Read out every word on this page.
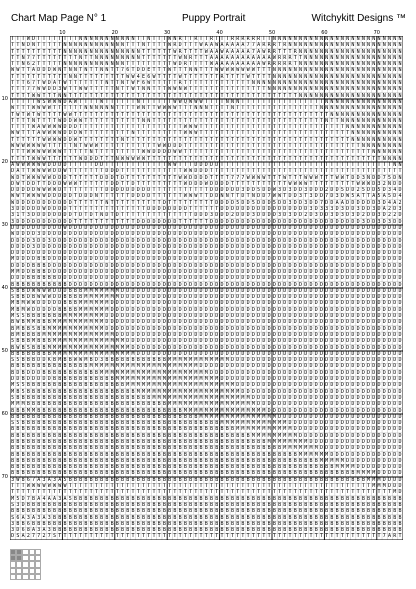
Chart Map Page N° 1	Puppy Portrait	Witchykitt Designs ™
10	20	30	40	50	60	70
10
20
30
40
50
60
70
T T T W D T T T T T T T T N N N N N N N N N N N T T N T T T W N R T T R T T R T T T R R R R R R T T N N N N N N N N N N N N N N N N N N N N N N N N N
T T N D N T T T T T N N N N N N N N N N N N T T T N T T T T W R D T T T W A A W A A A A A 7 7 A R R R T R N N N N N N N N N N N N N N N N N N N N N N
T T T T T T T T T T N N N N N N N N N N N N N N N T T T T T T W R T T T T W A A W A A A A A 7 A W R R T T T R N N N N N N N N N N N N N N N N N N N N
T T N 7 7 T T T T T T T T N T T N N N N N N N N N T T T T T T T W N R T T T A A A A A A A A A A A A W R R R T T N N N N N N N N N N N N N N N N N N N
T T N 6 2 T T T T T N N N N N N N N N N N N T T T T T T T T T W D R T T T T W A A A A A A A A A W R R R R R T N N N N N N N N N N N N N N N N N N N N
W W T T A D D D W N T N N T N T T N N T T 7 6 T D D E T T T W T T T N N T T T W W W W W W W W T T T N N N N N N N N N N N N N N N N N N N N N N N N N
T T T T T T T T T T T N N T T T T T T T T T W W 4 E 6 W T T T T W T T T T T T T R T T T T W T T T T N N N N N N N N N N N N N N N N N N N N N N N N N
T T T 6 7 T W D A T W T T T T T T T N T T N T W F 6 W T T T T T R T T T T T T T T T T T T T N N N N N N N N N N N N N N N N N N N N N N N N N N N N N
T T T 7 7 W W D D 3 W T T W W T T T T T N T T W T N N T T T W W N W T T T T T T T T T T T T T T T N N N N N N N N N N N N N N N N N N N N N N N N N N
T T T T W W T T T N N T T T T T T T T T T T T T T T T T T T T T T T T T T T T T T T T T T T T T T T T T T T T N N N N N N N N N N N N N N N N N N N N
T T T T T W S W W W D A W T T T T W T T T T T T N T T T T T T W W Q W W W T T T T N N N T T T T T T T T T T T T T T T T N N N N N N N N N N N N N N N
W T T T W W W W T T T T T T N N N N N N T T T T W N T T W W W W T T T N N N T T T T N T T T T T T T T T T T T T T T T N N N N N N N N N N N N N N N N
T W T W T W T T T T W W T T T T T T T T T T T T T T T T T T T T T T T T T T T T T T T T T T T T T T T T T T T T T T T T T N N N N N N N N N N N N N N
T T T T N T T T T W D D W W T T T T T T T T T T T N N T T T T T T T T T T T T T T T T T T T T T T T T T T T T T T T T T N T T N N N N N N N N N N N N
T T T T W A W W W W D D D T T T T T T T T T T T T T T T T T T T T W W W T T T T T T T T T T T T T T T T T T T T T T T T T T T T N N N N N N N N N N N
W W T T T A W W W W D D D W T T T T T T T T T N T T T T T T T T T W W W T T T T T T T T T T T T T T T T T T T T T T T T T T T T T N N N N N N N N N N
T T T T T T W W W W D D W T T T T T T T T N T T T T T T T T T T T T T T T T T T T T T T T T T T T T T T T T T T T T T T T T T T T N N N N N N N N N N
W W W W W W W T T T T T N T W W W T T T T T T T T T T T W W D D D T T T T T T T T T T T T T T T T T T T T T T T T T T T T T T T T T T N N N N N N N N
T T T W W W W W W W T T T T T N T T T T T T T T T W W D D D D W W T T T T T T T T T T T T T T T T T T T T T T T T T T T T T T T T T T T T N N N N N N
T T T T W W W T T T T T T W D D D T T T N W W W W W T T T T T T T T T T T T T T T T T T T T T T T T T T T T T T T T T T T T T T T T T T T T T N N N N
A W W W W W W D D D D T T T T T D D T T T T T T T T T T T T W W T T T D D D D D T T T T T T T T T T T T T T T T T T T T T T T T T T T T T T T T T N N
D A T T W W W W D D W T T T T T T T D D D T T T T T T T T T T T T W W D D D T T T T T T T T T T T T T T T T T T T T T T T T T T T T T T T T T T T T T
W D T W W W W W D D D T T T T T T D D D T D T T T T T T T T T T W W D D D D T T T T 7 7 7 W W W W T T T W T T T W W W T T T W W T D D 3 N D D 7 5 D N
D W T D D T T D D D W W W T T T T T T D D T T D T T T T T T T T T W D D D W D D D D T T T T T T T T T T T W W W W T T T T T T T T T W W W D 3 2 N D D
D D D D D W W W W D T T T T T T T T D D D D D D D D D T T T T T T T T T T T D D D D D D 3 D D 5 D D W 3 D 3 D D 3 D D D 2 D D 5 D D 2 5 D D 5 D 3 4 D
W W T W W W W D D D D D T D D D N T T T T T T D D D D T T T T T T W W W T T D D N N T T D T N D D 7 W W T D D 3 T 3 D D 7 D 3 D W 5 A T T A 5 A 5 D 4
W D D D D D D D D D D D T T T T T T N T T T T T T T T T T D T T T T T T T T T D D D D 5 D D 5 D D D 5 D D 3 D D 3 D D 7 D D A A D D D D D D 3 D 4 A 2
3 D D D D D W D D D D T T T T T T T T T T T T T T T D D D D D D D D T T T T T T D D D D D D D D D D D D D D D D D 3 D 3 3 3 D 3 D D 3 D D 3 D A 2 D 3
3 1 T 3 D D D D D D D D T D T D T N D T D T T T T T T T T T T T T T T D D D 3 D D D 2 D D D 3 D D D D 3 D 3 D D 2 D 3 D D 3 D 3 D 3 D 2 D D 3 D 2 2 D
3 D D D D D D D D D D D T T T T T T T T T T T T D D D D D D D D T T T T T T D D D D D D D D D D D D D D D D D D D D D D D D D D D D D 3 D D 3 D 3 D D
D D D D D D D D D D W D D D D D D D D D D D D D D D D D D D D D D D D D D D D D D D D D D D D D D D D D D D D D D D D D D D D D D D D D D D D D D D D
W D D D D 3 D D D D D D D D D D D D D D D D D D D D D D D D D D D D D D D D D D D D D D D D D D D D D D D D D D D D D D D D D D D D D D D D D D D D D
D D D D 3 D D 3 D D D D D D D D D D D D D D D D D D D D D D D D D D D D D D D D D D D D D D D D D D D D D D D D D D D D D D D D D D D D D D D D D D D
D D D D 3 D D D D D D D D D D D D D D D D D D D D D D D D D D D D D D D D D D D D D D D D D D D D D D D D D D D D D D D D D D D D D D D D D D D D D D
D D D D D D D D D D D D D D D D D D D D D D D D D D D D D D D D D D D D D D D D D D D D D D D D D D D D D D D D D D D D D D D D D D D D D D D D D D D
M D D D D B B D D D D D D D D D D D D D D D D D D D D D D D D D D D D D D D D D D D D D D D D D D D D D D D D D D D D D D D D D D D D D D D D D D D D
D D D D B B B D D D D D D D D D D D D D D D D D D D D D D D D D D D D D D D D D D D D D D D D D D D D D D D D D D D D D D D D D D D D D D D D D D D D
M M D D B B B D D D D D D D D D D D D D D D D D D D D D D D D D D D D D D D D D D D D D D D D D D D D D D D D D D D D D D D D D D D D D D D D D D D D
D D D B B B B B B D D D D D D D D D D D D D D D D D D D D D D D D D D D D D D D D D D D D D D D D D D D D D D D D D D D D D D D D D D D D D D D D D D
B B B B B B B B B B B D D D D D D D D D D D D D D D D D D D D D D D D D D D D D D D D D D D D D D D D D D D D D D D D D D D D D D D D D D D D D D D D
5 B B D W W W W D D D B B B M M M M M M M D D D D D D D D D D D D D D D D D D D D D D D D D D D D D D D D D D D D D D D D D D D D D D D D D D D D D D
S B B D B W W W D D B B B B M M M M M M M D D D D D D D D D D D D D D D D D D D D D D D D D D D D D D D D D D D D D D D D D D D D D D D D D D D D D D
M B M W W D D D D D B B B M M M M M M D D D D D D D D D D D D D D D D D D D D D D D D D D D D D D D D D D D D D D D D D D D D D D D D D D D D D D D D
M B M W D D D D D B B B B M M M M M M D D D D D D D D D D D D D D D D D D D D D D D D D D D D D D D D D D D D D D D D D D D D D D D D D D D D D D D D
M S 5 B B B B B B B M M M M M M M M D D D D D D D D D D D D D D D D D D D D D D D D D D D D D D D D D D D D D D D D D D D D D D D D D D D D D D D D D
B W B M M B B B M M M M M M M M M M D D D D D D D D D D D D D D D D D D D D D D D D D D D D D D D D D D D D D D D D D D D D D D D D D D D D D D D D D
B M B B 5 B B M M M M M M M M M M M D D D D D D D D D D D D D D D D D D D D D D D D D D D D D D D D D D D D D D D D D D D D D D D D D D D D D D D D D
B M B B B B M M M M M M M M M M M M M M D D D D D D D D D D D D D D D D D D D D D D D D D D D D D D D D D D D D D D D D D D D D D D D D D D D D D D D
5 B B B M B B B M M M M M M M M M M M M M M D D D D D D D D D D D D D D D D D D D D D D D D D D D D D D D D D D D D D D D D D D D D D D D D D D D D D
B W B 5 B B B M M M M M M M M M M M M M M M M D D D D D D D D D D D D D D D D D D D D D D D D D D D D D D D D D D D D D D D D D D D D D D D D D D D D
B B B B B B B B M M M M M M M M M M M M M M M M D D D D D D D D D D D D D D D D D D D D D D D D D D D D D D D D D D D D D D D D D D D D D D D D D D D
S 5 B B B D D K B M B B W W M B D 3 B B B B B B B B B B B B M M M M M M M M M M M M D D D D D D D D D D D D D D D D D D D D D D D D D D D D D D D D D
B B B B B B B B B B B B B B B M M M M M M M M M M M M M M M M M M M M M D D D D D D D D D D D D D D D D D D D D D D D D D D D D D D D D D D D D D D D
B D B D D D B B B B B B B B B B B M M M M M M M M M M M M M M M M M M M M M D D D D D D D D D D D D D D D D D D D D D D D D D D D D D D D D D D D D D
D D B D D D D D B B B B B B B B B B B B M M M M M M M M M M M M M M M M M M M M D D D D D D D D D D D D D D D D D D D D D D D D D D D D D D D D D D D
M S 5 B B B B B B B B B B B B B B B B B B B M M M M M M M M M M M M M M M M M M M M M D D D D D D D D D D D D D D D D D D D D D D D D D D D D D D D D
M B 5 B B B B B B B B B B B B B B B B B B B B B M M M M M M M M M M M M M M M M M M M M D D D D D D D D D D D D D D D D D D D D D D D D D D D D D D D
5 B B B B B B B B B B B B B B B B B B B B B B B B B B M M M M M M M M M M M M M M M M M M M D D D D D D D D D D D D D D D D D D D D D D D D D D D D D
M M M B B B B B B B B B B B B B B B B B B B B B B B B B B B M M M M M M M M M M M M M M M M M D D D D D D D D D D D D D D D D D D D D D D D D D D D D
B B B M M B B B B B B B B B B B B B B B B B B B B B B B B B B B B M M M M M M M M M M M M M M M M D D D D D D D D D D D D D D D D D D D D D D D D D D
B B B B B B B B B B B B B B B B B B B B B B B B B B B B B B B B B B B B M M M M M M M M M M M M M M M D D D D D D D D D D D D D D D D D D D D D D D D
S 5 B B B B B B B B B B B B B B B B B B B B B B B B B B B B B B B B B B B B B B M M M M M M M M M M M M M D D D D D D D D D D D D D D D D D D D D D D
B B B B B B B B B B B B B B B B B B B B B B B B B B B B B B B B B B B B B B B B B B B M M M M M M M M M M M D D D D D D D D D D D D D D D D D D D D D
B B B B B B B B B B B B B B B B B B B B B B B B B B B B B B B B B B B B B B B B B B B B B B M M M M M M M M M D D D D D D D D D D D D D D D D D D D D
B B B B B B B B B B B B B B B B B B B B B B B B B B B B B B B B B B B B B B B B B B B B B B B B B M M M M M M M M D D D D D D D D D D D D D D D D D D
B B B B B B B B B B B B B B B B B B B B B B B B B B B B B B B B B B B B B B B B B B B B B B B B B B B B M M M M M M M D D D D D D D D D D D D D D D D
B B B B B B B B B B B B B B B B B B B B B B B B B B B B B B B B B B B B B B B B B B B B B B B B B B B B B B B M M M M M M D D D D D D D D D D D D D D
B B B B B B B B B B B B B B B B B B B B B B B B B B B B B B B B B B B B B B B B B B B B B B B B B B B B B B B B B B B M M M M M D D D D D D D D D D D
B B B B B B B B B B B B B B B B B B B B B B B B B B B B B B B B B B B B B B B B B B B B B B B B B B B B B B B B B B B B B B M M M M D D D D D D D D D
B B B B B B B B B B B B B B B B B B B B B B B B B B B B B B B B B B B B B B B B B B B B B B B B B B B B B B B B B B B B B B B B B B M M M M D D D D D
3 W 8 6 7 A 3 A 3 A 5 B B B B B B B B B B B B B B B B B B B B B B B B B B B B B B B B B B B B B B B B B B B B B B B B B B B B B B B B B M M M D D D D
T T T W W W W W W W W T T T T T T T T T T T T T T T T T T T T T T T T T T T T T T T T T T T T T T T T T T T T T T T T T T T T T T T T T T M M M D D D
T T T T T T T T T T T T T T T T T T T T T T T T T T T T T T T T T T T T T T T T T T T T T T T T T T T T T T T T T T T T T T T T T T T T T T T T T M D
M 5 D 7 B A 4 A A 3 A 5 B B B B B B B B B B B B B B B B B B B B B B B B B B B B B B B B B B B B B B B B B B B B B B B B B B B B B B B B B B B B B B B
S 3 D B B B B B B B B B B B B B B B B B B B B B B B B B B B B B B B B B B B B B B B B B B B B B B B B B B B B B B B B B B B B B B B B B B B B B B B B
B B B B B B B B B B B B B B B B B B B B B B B B B B B B B B B B B B B B B B B B B B B B B B B B B B B B B B B B B B B B B B B B B B B B B B B B B B B
S 6 A 3 A 3 A 3 B B B B B B B B B B B B B B B B B B B B B B B B B B B B B B B B B B B B B B B B B B B B B B B B B B B B B B B B B B B B B B B B B B B
3 B B 6 B B B B B B B B B B B B B B B B B B B B B B B B B B B B B B B B B B B B B B B B B B B B B B B B B B B B B B B B B B B B B B B B B B B B B B B
3 D 6 8 A 3 A 3 B B B B B B B B B B B B B B B B B B B B B B B B B B B B B B B B B B B B B B B B B B B B B B B B B B B B B B B B B B B B B B B B B B B
D S A 2 7 7 2 7 S T T T T T T T T T T T T T T T T T T T T T T T T T T T T T T T T T T T T T T T T T T T T T T T T T T T T T T T T T T T T T T 7 A R T
